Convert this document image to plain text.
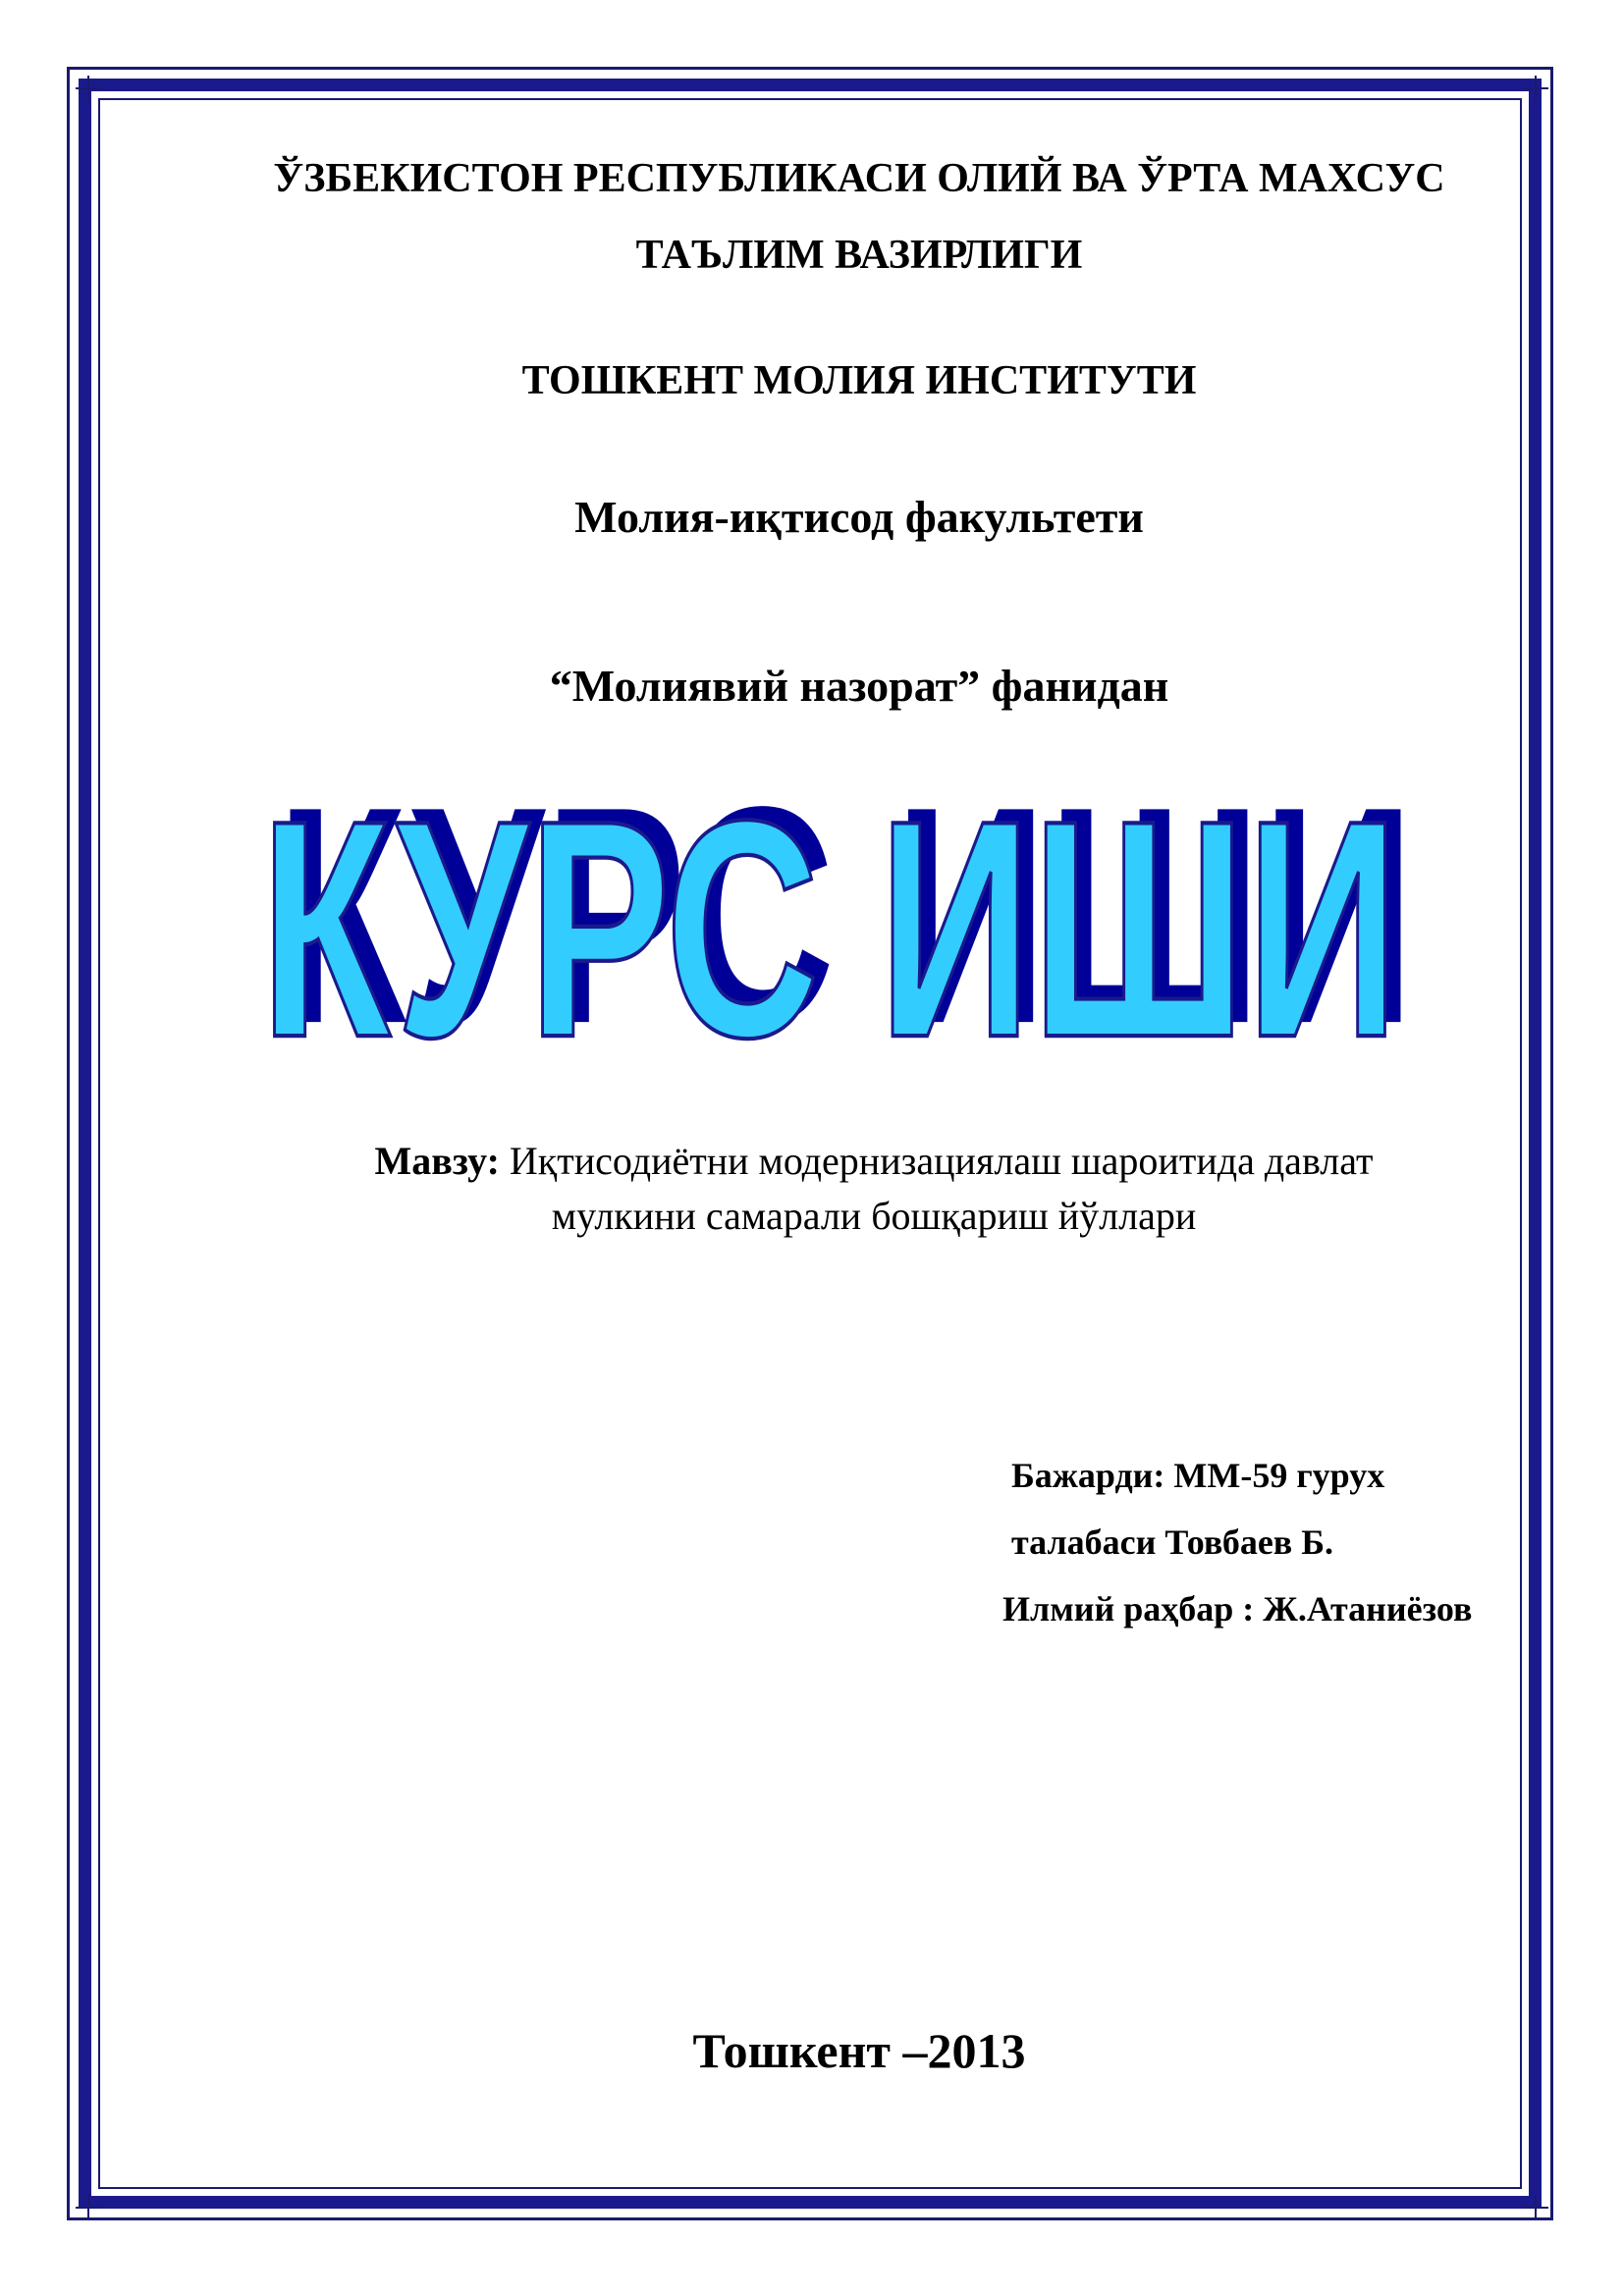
ЎЗБЕКИСТОН РЕСПУБЛИКАСИ ОЛИЙ ВА ЎРТА МАХСУС
ТАЪЛИМ ВАЗИРЛИГИ
ТОШКЕНТ МОЛИЯ ИНСТИТУТИ
Молия-иқтисод факультети
“Молиявий назорат” фанидан
КУРС ИШИ
КУРС ИШИ
Мавзу: Иқтисодиётни модернизациялаш шароитида давлат
мулкини самарали бошқариш йўллари
Бажарди: ММ-59 гурух
талабаси Товбаев Б.
Илмий раҳбар : Ж.Атаниёзов
Тошкент –2013
